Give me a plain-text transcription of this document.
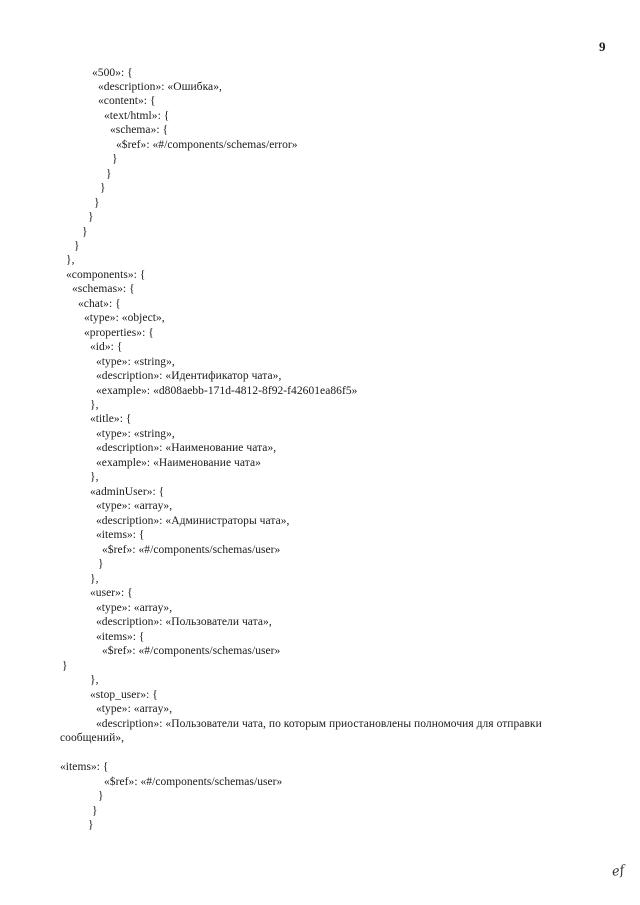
9
«500»: {
«description»: «Ошибка»,
«content»: {
«text/html»: {
«schema»: {
«$ref»: «#/components/schemas/error»
}
}
}
}
}
}
}
},
«components»: {
«schemas»: {
«chat»: {
«type»: «object»,
«properties»: {
«id»: {
«type»: «string»,
«description»: «Идентификатор чата»,
«example»: «d808aebb-171d-4812-8f92-f42601ea86f5»
},
«title»: {
«type»: «string»,
«description»: «Наименование чата»,
«example»: «Наименование чата»
},
«adminUser»: {
«type»: «array»,
«description»: «Администраторы чата»,
«items»: {
«$ref»: «#/components/schemas/user»
}
},
«user»: {
«type»: «array»,
«description»: «Пользователи чата»,
«items»: {
«$ref»: «#/components/schemas/user»
}
},
«stop_user»: {
«type»: «array»,
«description»: «Пользователи чата, по которым приостановлены полномочия для отправки сообщений»,
«items»: {
«$ref»: «#/components/schemas/user»
}
}
}
ef
